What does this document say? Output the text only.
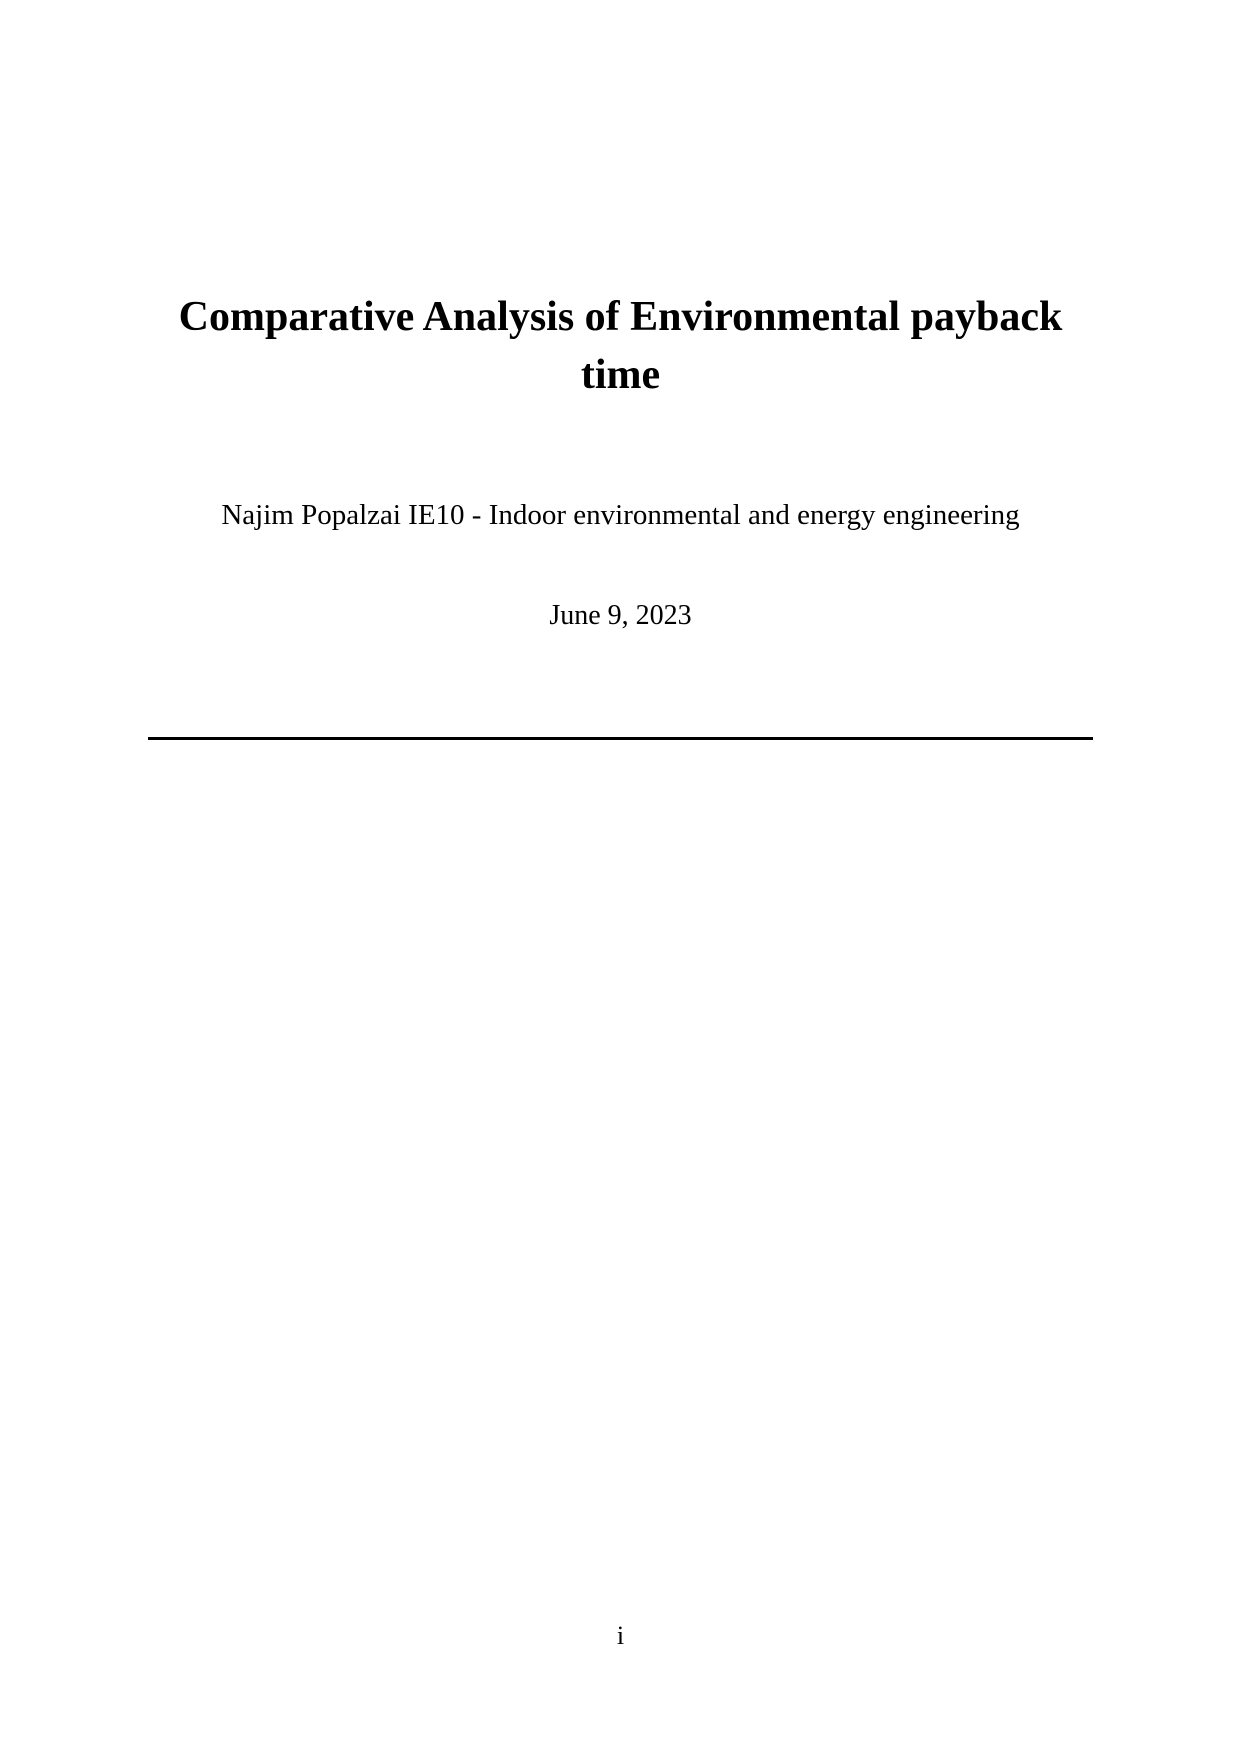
Comparative Analysis of Environmental payback
time

Najim Popalzai IE10 - Indoor environmental and energy engineering

June 9, 2023

i
